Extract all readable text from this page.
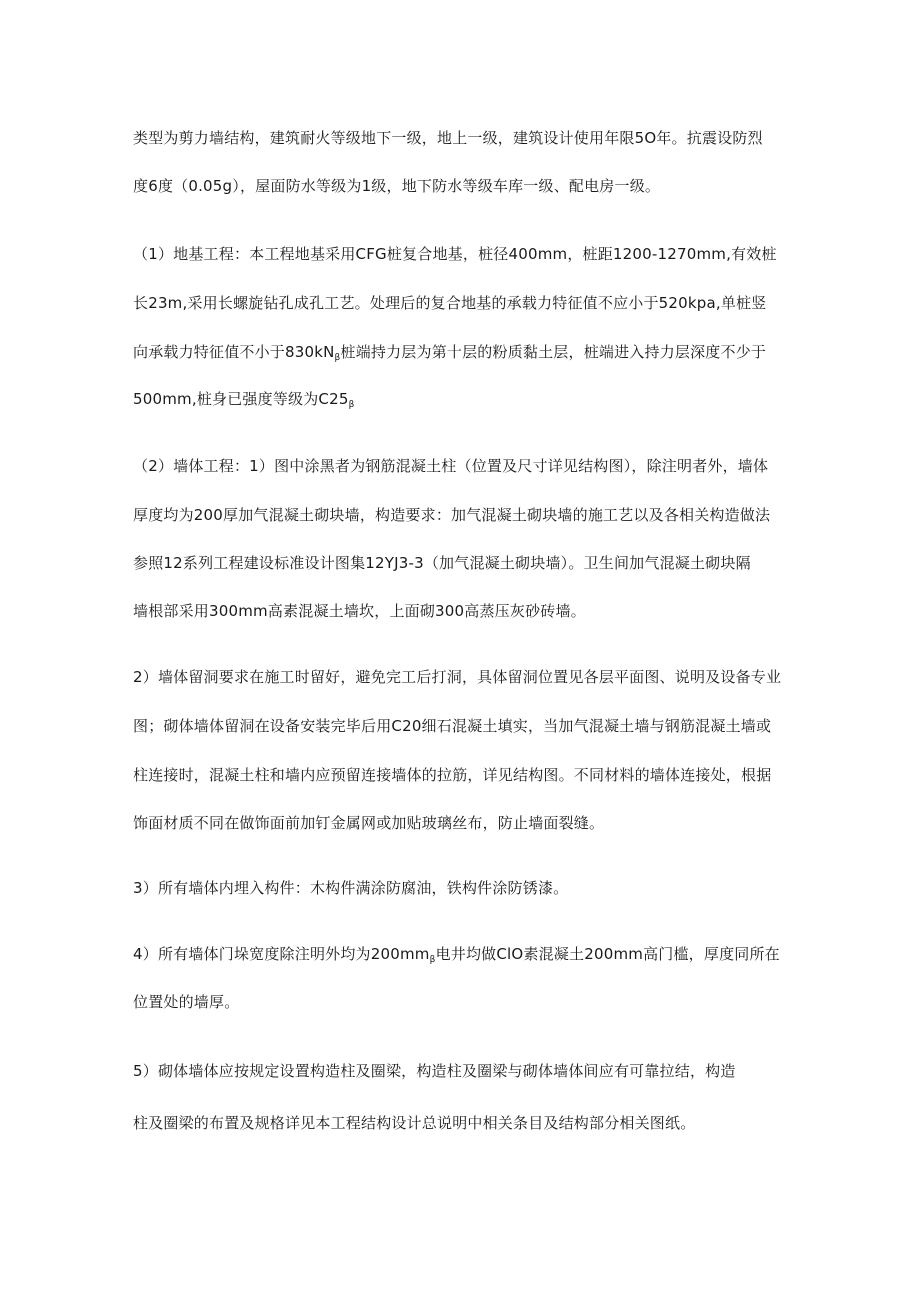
类型为剪力墙结构，建筑耐火等级地下一级，地上一级，建筑设计使用年限5O年。抗震设防烈
度6度（0.05g），屋面防水等级为1级，地下防水等级车库一级、配电房一级。
（1）地基工程：本工程地基采用CFG桩复合地基，桩径400mm，桩距1200-1270mm,有效桩
长23m,采用长螺旋钻孔成孔工艺。处理后的复合地基的承载力特征值不应小于520kpa,单桩竖
向承载力特征值不小于$830kN_\beta$桩端持力层为第十层的粉质黏土层，桩端进入持力层深度不少于
500mm,桩身已强度等级为$C25_\beta$
（2）墙体工程：1）图中涂黑者为钢筋混凝土柱（位置及尺寸详见结构图），除注明者外，墙体
厚度均为200厚加气混凝土砌块墙，构造要求：加气混凝土砌块墙的施工艺以及各相关构造做法
参照12系列工程建设标准设计图集12YJ3-3（加气混凝土砌块墙）。卫生间加气混凝土砌块隔
墙根部采用300mm高素混凝土墙坎，上面砌300高蒸压灰砂砖墙。
2）墙体留洞要求在施工时留好，避免完工后打洞，具体留洞位置见各层平面图、说明及设备专业
图；砌体墙体留洞在设备安装完毕后用C20细石混凝土填实，当加气混凝土墙与钢筋混凝土墙或
柱连接时，混凝土柱和墙内应预留连接墙体的拉筋，详见结构图。不同材料的墙体连接处，根据
饰面材质不同在做饰面前加钉金属网或加贴玻璃丝布，防止墙面裂缝。
3）所有墙体内埋入构件：木构件满涂防腐油，铁构件涂防锈漆。
4）所有墙体门垛宽度除注明外均为$200mm_\beta$电井均做ClO素混凝土200mm高门槛，厚度同所在
位置处的墙厚。
5）砌体墙体应按规定设置构造柱及圈梁，构造柱及圈梁与砌体墙体间应有可靠拉结，构造
柱及圈梁的布置及规格详见本工程结构设计总说明中相关条目及结构部分相关图纸。
